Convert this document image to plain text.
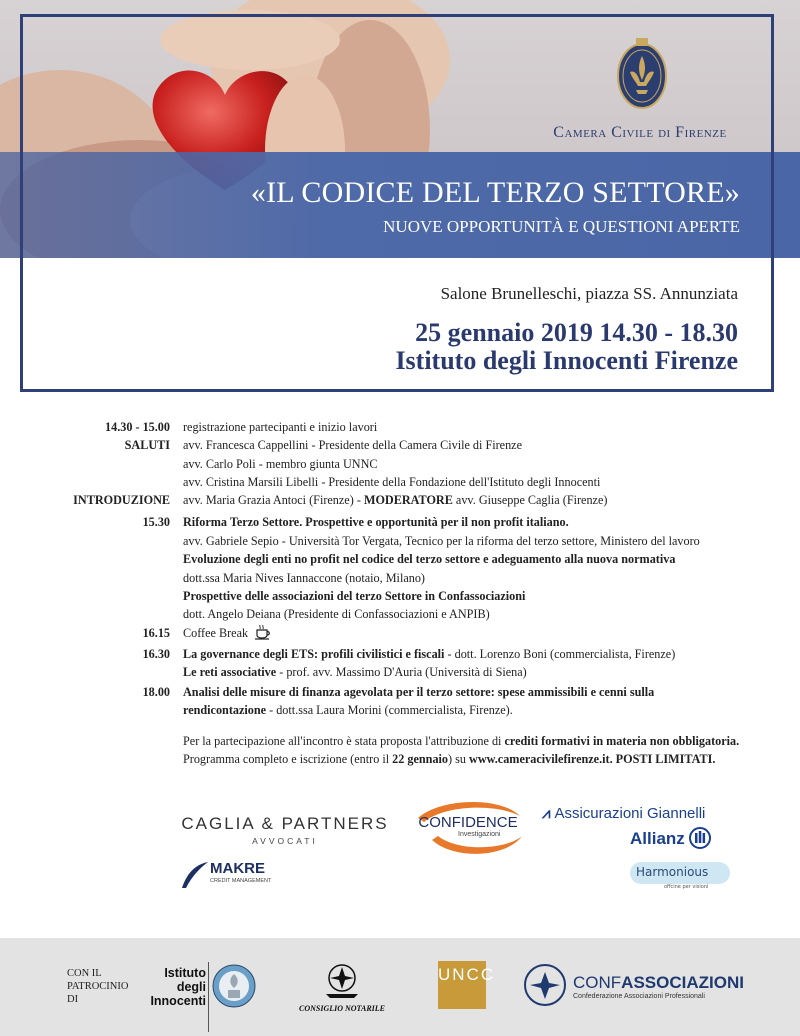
Camera Civile di Firenze
«IL CODICE DEL TERZO SETTORE»
NUOVE OPPORTUNITÀ E QUESTIONI APERTE
Salone Brunelleschi, piazza SS. Annunziata
25 gennaio 2019 14.30 - 18.30
Istituto degli Innocenti Firenze
14.30 - 15.00 registrazione partecipanti e inizio lavori
SALUTI avv. Francesca Cappellini - Presidente della Camera Civile di Firenze
avv. Carlo Poli - membro giunta UNNC
avv. Cristina Marsili Libelli - Presidente della Fondazione dell'Istituto degli Innocenti
INTRODUZIONE avv. Maria Grazia Antoci (Firenze) - MODERATORE avv. Giuseppe Caglia (Firenze)
15.30 Riforma Terzo Settore. Prospettive e opportunità per il non profit italiano.
avv. Gabriele Sepio - Università Tor Vergata, Tecnico per la riforma del terzo settore, Ministero del lavoro
Evoluzione degli enti no profit nel codice del terzo settore e adeguamento alla nuova normativa
dott.ssa Maria Nives Iannaccone (notaio, Milano)
Prospettive delle associazioni del terzo Settore in Confassociazioni
dott. Angelo Deiana (Presidente di Confassociazioni e ANPIB)
16.15 Coffee Break
16.30 La governance degli ETS: profili civilistici e fiscali - dott. Lorenzo Boni (commercialista, Firenze)
Le reti associative - prof. avv. Massimo D'Auria (Università di Siena)
18.00 Analisi delle misure di finanza agevolata per il terzo settore: spese ammissibili e cenni sulla
rendicontazione - dott.ssa Laura Morini (commercialista, Firenze).
Per la partecipazione all'incontro è stata proposta l'attribuzione di crediti formativi in materia non obbligatoria.
Programma completo e iscrizione (entro il 22 gennaio) su www.cameracivilefirenze.it. POSTI LIMITATI.
CAGLIA & PARTNERS
AVVOCATI
CONFIDENCE
Investigazioni
⩘ Assicurazioni Giannelli
Allianz
MAKRE
CREDIT MANAGEMENT
Harmonious
offcine per visioni
CON IL
PATROCINIO
DI
Istituto
degli
Innocenti
CONSIGLIO NOTARILE
UNCC	CONFASSOCIAZIONI
Confederazione Associazioni Professionali
